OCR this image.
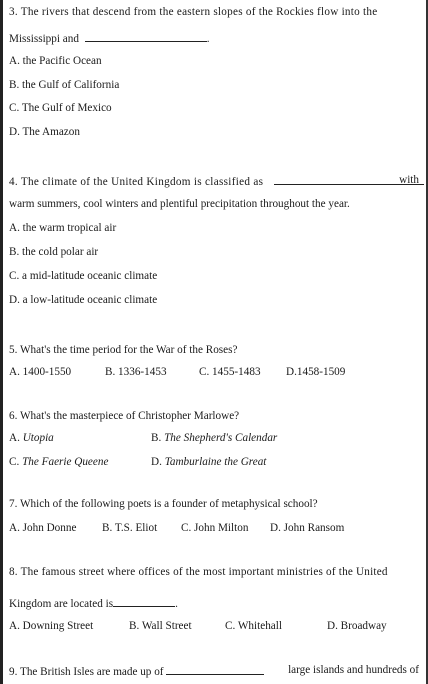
3. The rivers that descend from the eastern slopes of the Rockies flow into the
Mississippi and	.
A. the Pacific Ocean
B. the Gulf of California
C. The Gulf of Mexico
D. The Amazon
4. The climate of the United Kingdom is classified as	with
warm summers, cool winters and plentiful precipitation throughout the year.
A. the warm tropical air
B. the cold polar air
C. a mid-latitude oceanic climate
D. a low-latitude oceanic climate
5. What's the time period for the War of the Roses?
A. 1400-1550	B. 1336-1453	C. 1455-1483 D.1458-1509
6. What's the masterpiece of Christopher Marlowe?
A. Utopia	B. The Shepherd's Calendar
C. The Faerie Queene	D. Tamburlaine the Great
7. Which of the following poets is a founder of metaphysical school?
A. John Donne B. T.S. Eliot C. John Milton D. John Ransom
8. The famous street where offices of the most important ministries of the United
Kingdom are located is	.
A. Downing Street	B. Wall Street	C. Whitehall	D. Broadway
9. The British Isles are made up of	large islands and hundreds of
